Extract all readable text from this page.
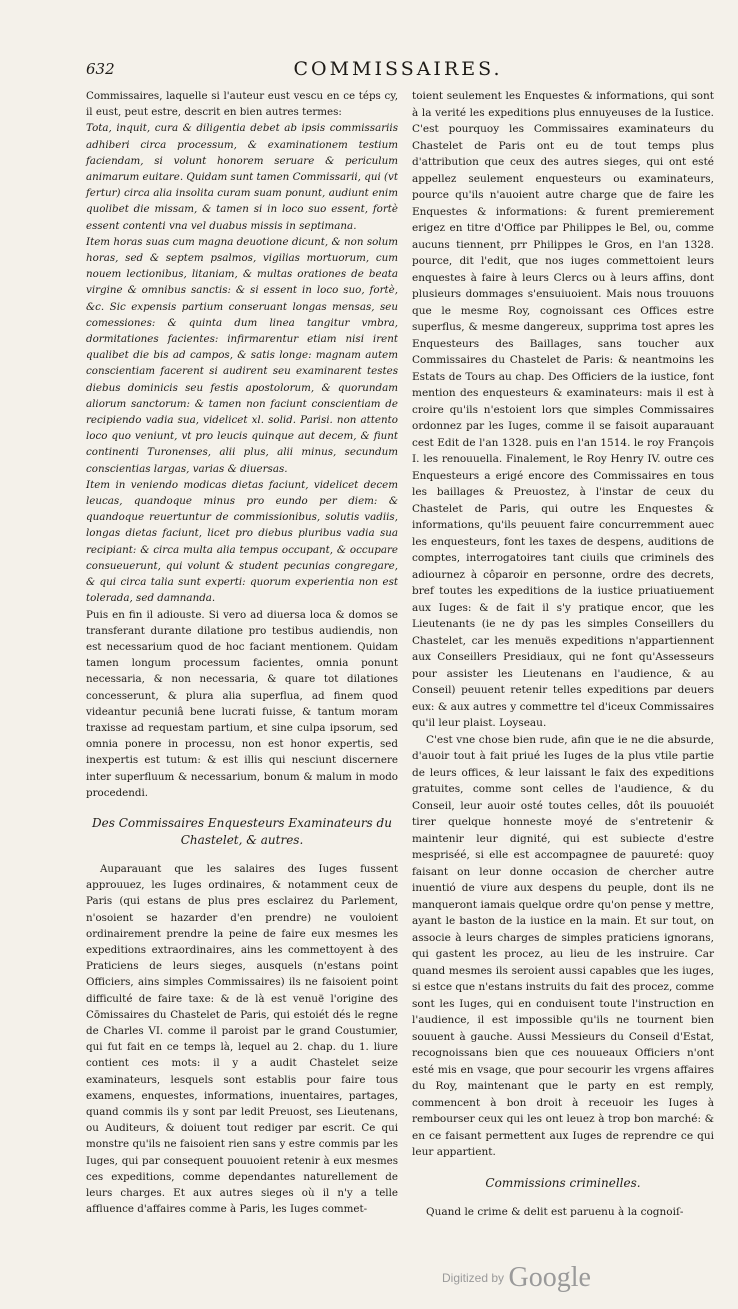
632	COMMISSAIRES.

Commissaires, laquelle si l'auteur eust vescu en ce téps cy, il eust, peut estre, descrit en bien autres termes:

Tota, inquit, cura & diligentia debet ab ipsis commissariis adhiberi circa processum, & examinationem testium faciendam, si volunt honorem seruare & periculum animarum euitare. Quidam sunt tamen Commissarii, qui (vt fertur) circa alia insolita curam suam ponunt, audiunt enim quolibet die missam, & tamen si in loco suo essent, fortè essent contenti vna vel duabus missis in septimana.

Item horas suas cum magna deuotione dicunt, & non solum horas, sed & septem psalmos, vigilias mortuorum, cum nouem lectionibus, litaniam, & multas orationes de beata virgine & omnibus sanctis: & si essent in loco suo, fortè, &c. Sic expensis partium conseruant longas mensas, seu comessiones: & quinta dum linea tangitur vmbra, dormitationes facientes: infirmarentur etiam nisi irent qualibet die bis ad campos, & satis longe: magnam autem conscientiam facerent si audirent seu examinarent testes diebus dominicis seu festis apostolorum, & quorundam aliorum sanctorum: & tamen non faciunt conscientiam de recipiendo vadia sua, videlicet xl. solid. Parisi. non attento loco quo veniunt, vt pro leucis quinque aut decem, & fiunt continenti Turonenses, alii plus, alii minus, secundum conscientias largas, varias & diuersas.

Item in veniendo modicas dietas faciunt, videlicet decem leucas, quandoque minus pro eundo per diem: & quandoque reuertuntur de commissionibus, solutis vadiis, longas dietas faciunt, licet pro diebus pluribus vadia sua recipiant: & circa multa alia tempus occupant, & occupare consueuerunt, qui volunt & student pecunias congregare, & qui circa talia sunt experti: quorum experientia non est tolerada, sed damnanda.

Puis en fin il adiouste. Si vero ad diuersa loca & domos se transferant durante dilatione pro testibus audiendis, non est necessarium quod de hoc faciant mentionem. Quidam tamen longum processum facientes, omnia ponunt necessaria, & non necessaria, & quare tot dilationes concesserunt, & plura alia superflua, ad finem quod videantur pecuniâ bene lucrati fuisse, & tantum moram traxisse ad requestam partium, et sine culpa ipsorum, sed omnia ponere in processu, non est honor expertis, sed inexpertis est tutum: & est illis qui nesciunt discernere inter superfluum & necessarium, bonum & malum in modo procedendi.

Des Commissaires Enquesteurs Examinateurs du Chastelet, & autres.

Auparauant que les salaires des Iuges fussent approuuez, les Iuges ordinaires, & notamment ceux de Paris (qui estans de plus pres esclairez du Parlement, n'osoient se hazarder d'en prendre) ne vouloient ordinairement prendre la peine de faire eux mesmes les expeditions extraordinaires, ains les commettoyent à des Praticiens de leurs sieges, ausquels (n'estans point Officiers, ains simples Commissaires) ils ne faisoient point difficulté de faire taxe: & de là est venuë l'origine des Cōmissaires du Chastelet de Paris, qui estoiét dés le regne de Charles VI. comme il paroist par le grand Coustumier, qui fut fait en ce temps là, lequel au 2. chap. du 1. liure contient ces mots: il y a audit Chastelet seize examinateurs, lesquels sont establis pour faire tous examens, enquestes, informations, inuentaires, partages, quand commis ils y sont par ledit Preuost, ses Lieutenans, ou Auditeurs, & doiuent tout rediger par escrit. Ce qui monstre qu'ils ne faisoient rien sans y estre commis par les Iuges, qui par consequent pouuoient retenir à eux mesmes ces expeditions, comme dependantes naturellement de leurs charges. Et aux autres sieges où il n'y a telle affluence d'affaires comme à Paris, les Iuges commet-

toient seulement les Enquestes & informations, qui sont à la verité les expeditions plus ennuyeuses de la Iustice. C'est pourquoy les Commissaires examinateurs du Chastelet de Paris ont eu de tout temps plus d'attribution que ceux des autres sieges, qui ont esté appellez seulement enquesteurs ou examinateurs, pource qu'ils n'auoient autre charge que de faire les Enquestes & informations: & furent premierement erigez en titre d'Office par Philippes le Bel, ou, comme aucuns tiennent, prr Philippes le Gros, en l'an 1328. pource, dit l'edit, que nos iuges commettoient leurs enquestes à faire à leurs Clercs ou à leurs affins, dont plusieurs dommages s'ensuiuoient. Mais nous trouuons que le mesme Roy, cognoissant ces Offices estre superflus, & mesme dangereux, supprima tost apres les Enquesteurs des Baillages, sans toucher aux Commissaires du Chastelet de Paris: & neantmoins les Estats de Tours au chap. Des Officiers de la iustice, font mention des enquesteurs & examinateurs: mais il est à croire qu'ils n'estoient lors que simples Commissaires ordonnez par les Iuges, comme il se faisoit auparauant cest Edit de l'an 1328. puis en l'an 1514. le roy François I. les renouuella. Finalement, le Roy Henry IV. outre ces Enquesteurs a erigé encore des Commissaires en tous les baillages & Preuostez, à l'instar de ceux du Chastelet de Paris, qui outre les Enquestes & informations, qu'ils peuuent faire concurremment auec les enquesteurs, font les taxes de despens, auditions de comptes, interrogatoires tant ciuils que criminels des adiournez à côparoir en personne, ordre des decrets, bref toutes les expeditions de la iustice priuatiuement aux Iuges: & de fait il s'y pratique encor, que les Lieutenants (ie ne dy pas les simples Conseillers du Chastelet, car les menuës expeditions n'appartiennent aux Conseillers Presidiaux, qui ne font qu'Assesseurs pour assister les Lieutenans en l'audience, & au Conseil) peuuent retenir telles expeditions par deuers eux: & aux autres y commettre tel d'iceux Commissaires qu'il leur plaist. Loyseau.

C'est vne chose bien rude, afin que ie ne die absurde, d'auoir tout à fait priué les Iuges de la plus vtile partie de leurs offices, & leur laissant le faix des expeditions gratuites, comme sont celles de l'audience, & du Conseil, leur auoir osté toutes celles, dôt ils pouuoiét tirer quelque honneste moyé de s'entretenir & maintenir leur dignité, qui est subiecte d'estre mespriséé, si elle est accompagnee de pauureté: quoy faisant on leur donne occasion de chercher autre inuentió de viure aux despens du peuple, dont ils ne manqueront iamais quelque ordre qu'on pense y mettre, ayant le baston de la iustice en la main. Et sur tout, on associe à leurs charges de simples praticiens ignorans, qui gastent les procez, au lieu de les instruire. Car quand mesmes ils seroient aussi capables que les iuges, si estce que n'estans instruits du fait des procez, comme sont les Iuges, qui en conduisent toute l'instruction en l'audience, il est impossible qu'ils ne tournent bien souuent à gauche. Aussi Messieurs du Conseil d'Estat, recognoissans bien que ces nouueaux Officiers n'ont esté mis en vsage, que pour secourir les vrgens affaires du Roy, maintenant que le party en est remply, commencent à bon droit à receuoir les Iuges à rembourser ceux qui les ont leuez à trop bon marché: & en ce faisant permettent aux Iuges de reprendre ce qui leur appartient.

Commissions criminelles.

Quand le crime & delit est paruenu à la cognoiſ-

Digitized by Google
